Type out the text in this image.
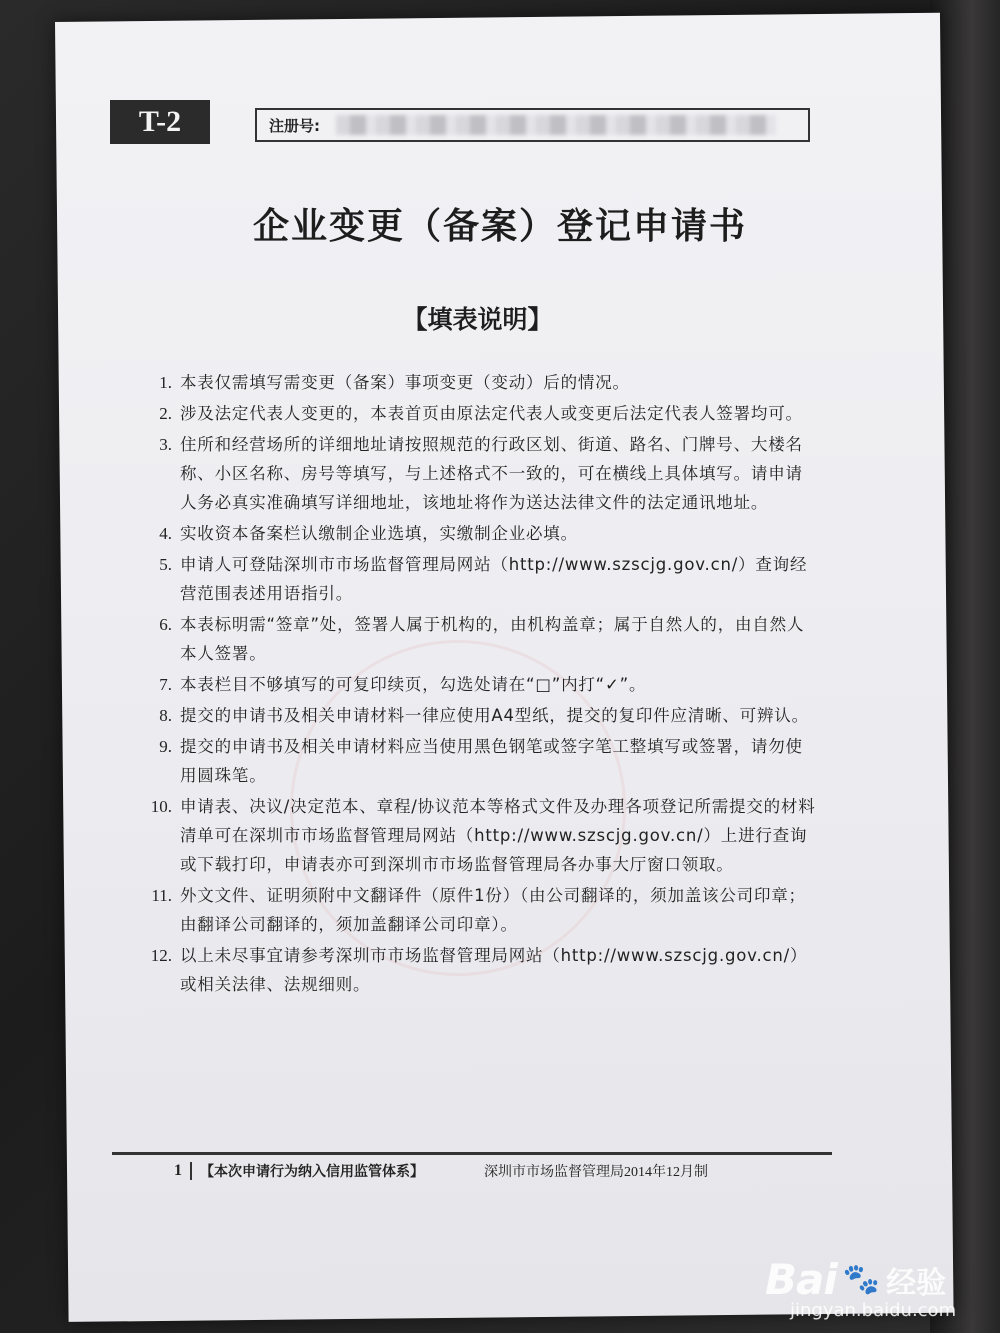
T-2	注册号:
企业变更（备案）登记申请书
【填表说明】
1. 本表仅需填写需变更（备案）事项变更（变动）后的情况。
2. 涉及法定代表人变更的，本表首页由原法定代表人或变更后法定代表人签署均可。
3. 住所和经营场所的详细地址请按照规范的行政区划、街道、路名、门牌号、大楼名称、小区名称、房号等填写，与上述格式不一致的，可在横线上具体填写。请申请人务必真实准确填写详细地址，该地址将作为送达法律文件的法定通讯地址。
4. 实收资本备案栏认缴制企业选填，实缴制企业必填。
5. 申请人可登陆深圳市市场监督管理局网站（http://www.szscjg.gov.cn/）查询经营范围表述用语指引。
6. 本表标明需“签章”处，签署人属于机构的，由机构盖章；属于自然人的，由自然人本人签署。
7. 本表栏目不够填写的可复印续页，勾选处请在“□”内打“✓”。
8. 提交的申请书及相关申请材料一律应使用A4型纸，提交的复印件应清晰、可辨认。
9. 提交的申请书及相关申请材料应当使用黑色钢笔或签字笔工整填写或签署，请勿使用圆珠笔。
10. 申请表、决议/决定范本、章程/协议范本等格式文件及办理各项登记所需提交的材料清单可在深圳市市场监督管理局网站（http://www.szscjg.gov.cn/）上进行查询或下载打印，申请表亦可到深圳市市场监督管理局各办事大厅窗口领取。
11. 外文文件、证明须附中文翻译件（原件1份）（由公司翻译的，须加盖该公司印章；由翻译公司翻译的，须加盖翻译公司印章）。
12. 以上未尽事宜请参考深圳市市场监督管理局网站（http://www.szscjg.gov.cn/）或相关法律、法规细则。
1	【本次申请行为纳入信用监管体系】	深圳市市场监督管理局2014年12月制
Bai 🐾 经验
jingyan.baidu.com
